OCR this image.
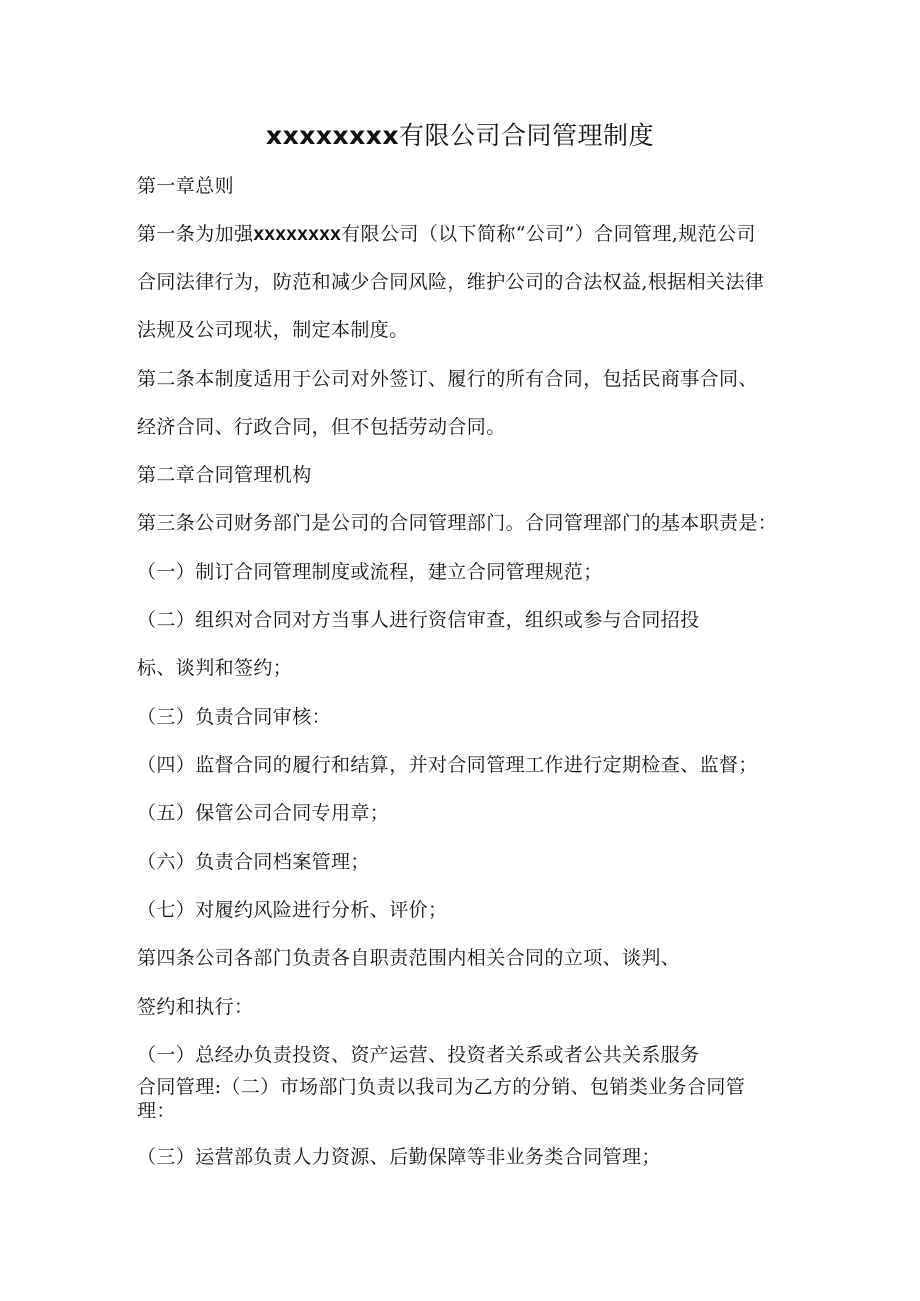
xxxxxxxx有限公司合同管理制度
第一章总则
第一条为加强xxxxxxxx有限公司（以下简称“公司”）合同管理,规范公司
合同法律行为，防范和减少合同风险，维护公司的合法权益,根据相关法律
法规及公司现状，制定本制度。
第二条本制度适用于公司对外签订、履行的所有合同，包括民商事合同、
经济合同、行政合同，但不包括劳动合同。
第二章合同管理机构
第三条公司财务部门是公司的合同管理部门。合同管理部门的基本职责是：
（一）制订合同管理制度或流程，建立合同管理规范；
（二）组织对合同对方当事人进行资信审查，组织或参与合同招投
标、谈判和签约；
（三）负责合同审核：
（四）监督合同的履行和结算，并对合同管理工作进行定期检查、监督；
（五）保管公司合同专用章；
（六）负责合同档案管理；
（七）对履约风险进行分析、评价；
第四条公司各部门负责各自职责范围内相关合同的立项、谈判、
签约和执行：
（一）总经办负责投资、资产运营、投资者关系或者公共关系服务
合同管理:（二）市场部门负责以我司为乙方的分销、包销类业务合同管
理：
（三）运营部负责人力资源、后勤保障等非业务类合同管理；
